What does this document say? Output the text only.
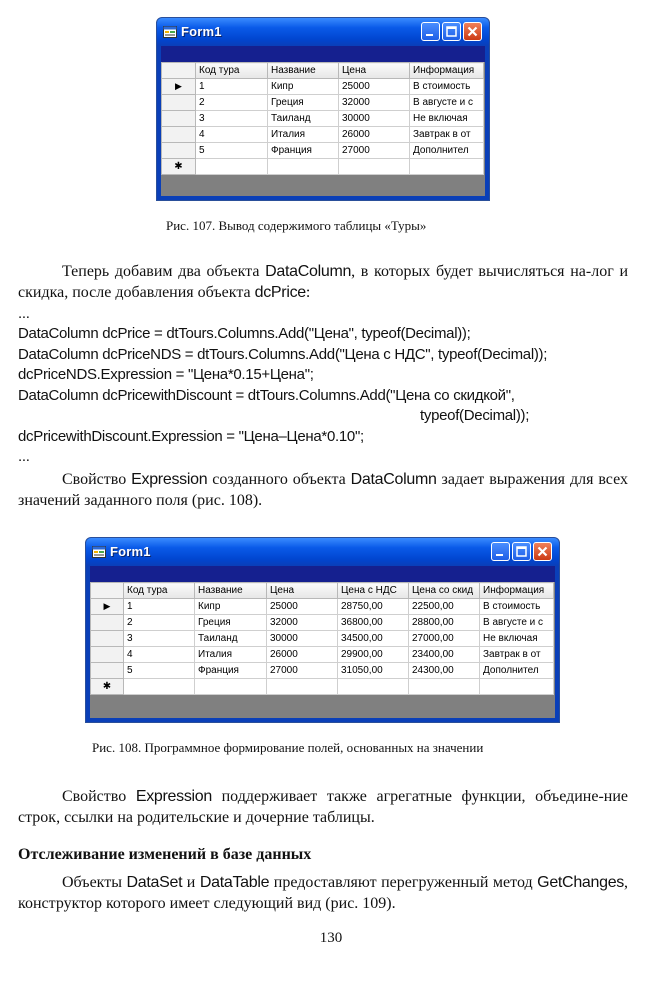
Form1
	Код тура	Название	Цена	Информация
▶	1	Кипр	25000	В стоимость
	2	Греция	32000	В августе и с
	3	Таиланд	30000	Не включая
	4	Италия	26000	Завтрак в от
	5	Франция	27000	Дополнител
✱				
Рис. 107. Вывод содержимого таблицы «Туры»
Теперь добавим два объекта DataColumn, в которых будет вычисляться на-лог и скидка, после добавления объекта dcPrice:
...
DataColumn dcPrice = dtTours.Columns.Add("Цена", typeof(Decimal));
DataColumn dcPriceNDS = dtTours.Columns.Add("Цена с НДС", typeof(Decimal));
dcPriceNDS.Expression = "Цена*0.15+Цена";
DataColumn dcPricewithDiscount = dtTours.Columns.Add("Цена со скидкой",
typeof(Decimal));
dcPricewithDiscount.Expression = "Цена–Цена*0.10";
...
Свойство Expression созданного объекта DataColumn задает выражения для всех значений заданного поля (рис. 108).
Form1
	Код тура	Название	Цена	Цена с НДС	Цена со скид	Информация
▶	1	Кипр	25000	28750,00	22500,00	В стоимость
	2	Греция	32000	36800,00	28800,00	В августе и с
	3	Таиланд	30000	34500,00	27000,00	Не включая
	4	Италия	26000	29900,00	23400,00	Завтрак в от
	5	Франция	27000	31050,00	24300,00	Дополнител
✱						
Рис. 108. Программное формирование полей, основанных на значении
Свойство Expression поддерживает также агрегатные функции, объедине-ние строк, ссылки на родительские и дочерние таблицы.
Отслеживание изменений в базе данных
Объекты DataSet и DataTable предоставляют перегруженный метод GetChanges, конструктор которого имеет следующий вид (рис. 109).
130
